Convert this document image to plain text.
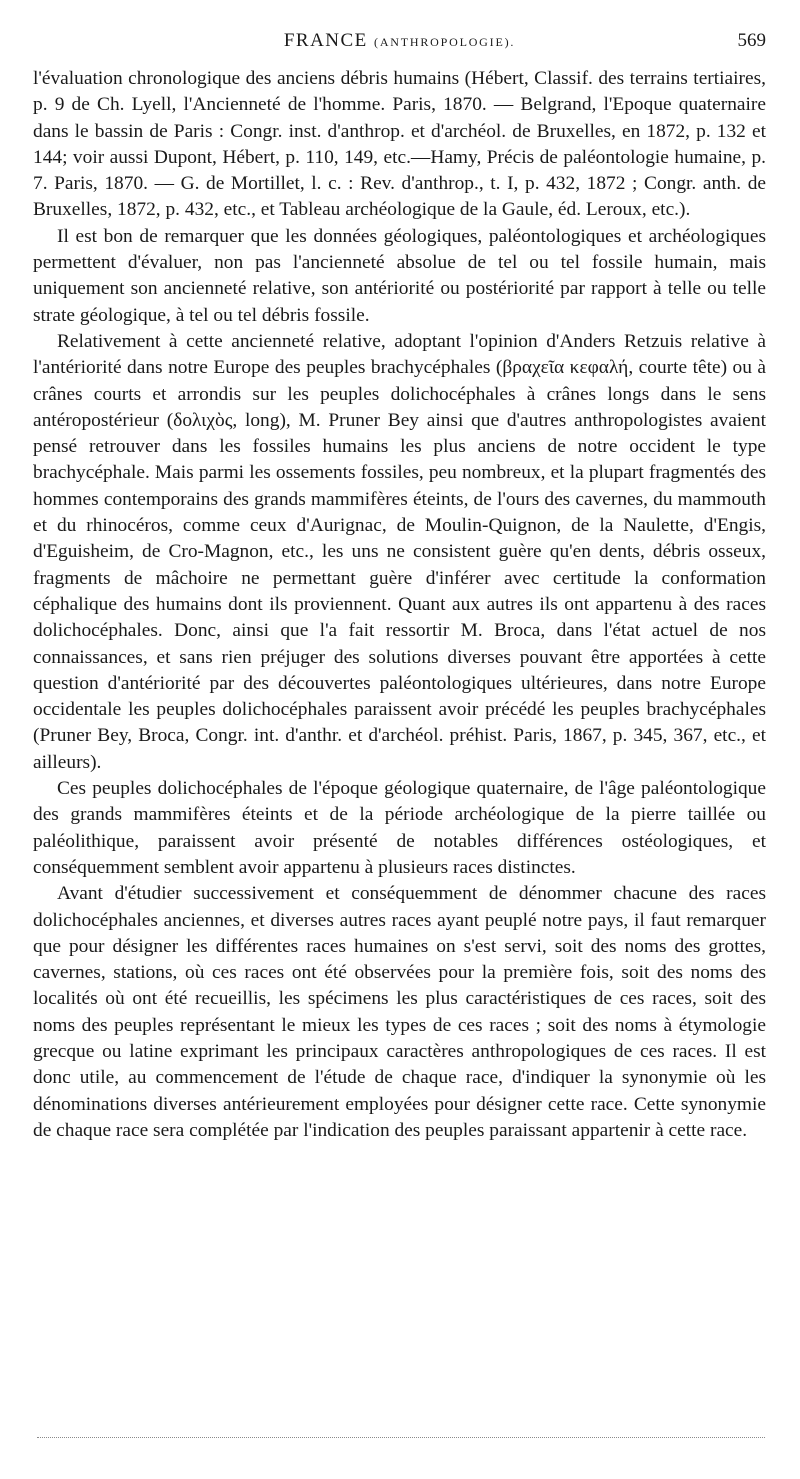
FRANCE (ANTHROPOLOGIE).	569

l'évaluation chronologique des anciens débris humains (Hébert, Classif. des terrains tertiaires, p. 9 de Ch. Lyell, l'Ancienneté de l'homme. Paris, 1870. — Belgrand, l'Epoque quaternaire dans le bassin de Paris : Congr. inst. d'anthrop. et d'archéol. de Bruxelles, en 1872, p. 132 et 144; voir aussi Dupont, Hébert, p. 110, 149, etc.—Hamy, Précis de paléontologie humaine, p. 7. Paris, 1870. — G. de Mortillet, l. c. : Rev. d'anthrop., t. I, p. 432, 1872 ; Congr. anth. de Bruxelles, 1872, p. 432, etc., et Tableau archéologique de la Gaule, éd. Leroux, etc.).

Il est bon de remarquer que les données géologiques, paléontologiques et archéologiques permettent d'évaluer, non pas l'ancienneté absolue de tel ou tel fossile humain, mais uniquement son ancienneté relative, son antériorité ou postériorité par rapport à telle ou telle strate géologique, à tel ou tel débris fossile.

Relativement à cette ancienneté relative, adoptant l'opinion d'Anders Retzuis relative à l'antériorité dans notre Europe des peuples brachycéphales (βραχεῖα κεφαλή, courte tête) ou à crânes courts et arrondis sur les peuples dolichocéphales à crânes longs dans le sens antéropostérieur (δολιχὸς, long), M. Pruner Bey ainsi que d'autres anthropologistes avaient pensé retrouver dans les fossiles humains les plus anciens de notre occident le type brachycéphale. Mais parmi les ossements fossiles, peu nombreux, et la plupart fragmentés des hommes contemporains des grands mammifères éteints, de l'ours des cavernes, du mammouth et du rhinocéros, comme ceux d'Aurignac, de Moulin-Quignon, de la Naulette, d'Engis, d'Eguisheim, de Cro-Magnon, etc., les uns ne consistent guère qu'en dents, débris osseux, fragments de mâchoire ne permettant guère d'inférer avec certitude la conformation céphalique des humains dont ils proviennent. Quant aux autres ils ont appartenu à des races dolichocéphales. Donc, ainsi que l'a fait ressortir M. Broca, dans l'état actuel de nos connaissances, et sans rien préjuger des solutions diverses pouvant être apportées à cette question d'antériorité par des découvertes paléontologiques ultérieures, dans notre Europe occidentale les peuples dolichocéphales paraissent avoir précédé les peuples brachycéphales (Pruner Bey, Broca, Congr. int. d'anthr. et d'archéol. préhist. Paris, 1867, p. 345, 367, etc., et ailleurs).

Ces peuples dolichocéphales de l'époque géologique quaternaire, de l'âge paléontologique des grands mammifères éteints et de la période archéologique de la pierre taillée ou paléolithique, paraissent avoir présenté de notables différences ostéologiques, et conséquemment semblent avoir appartenu à plusieurs races distinctes.

Avant d'étudier successivement et conséquemment de dénommer chacune des races dolichocéphales anciennes, et diverses autres races ayant peuplé notre pays, il faut remarquer que pour désigner les différentes races humaines on s'est servi, soit des noms des grottes, cavernes, stations, où ces races ont été observées pour la première fois, soit des noms des localités où ont été recueillis, les spécimens les plus caractéristiques de ces races, soit des noms des peuples représentant le mieux les types de ces races ; soit des noms à étymologie grecque ou latine exprimant les principaux caractères anthropologiques de ces races. Il est donc utile, au commencement de l'étude de chaque race, d'indiquer la synonymie où les dénominations diverses antérieurement employées pour désigner cette race. Cette synonymie de chaque race sera complétée par l'indication des peuples paraissant appartenir à cette race.
